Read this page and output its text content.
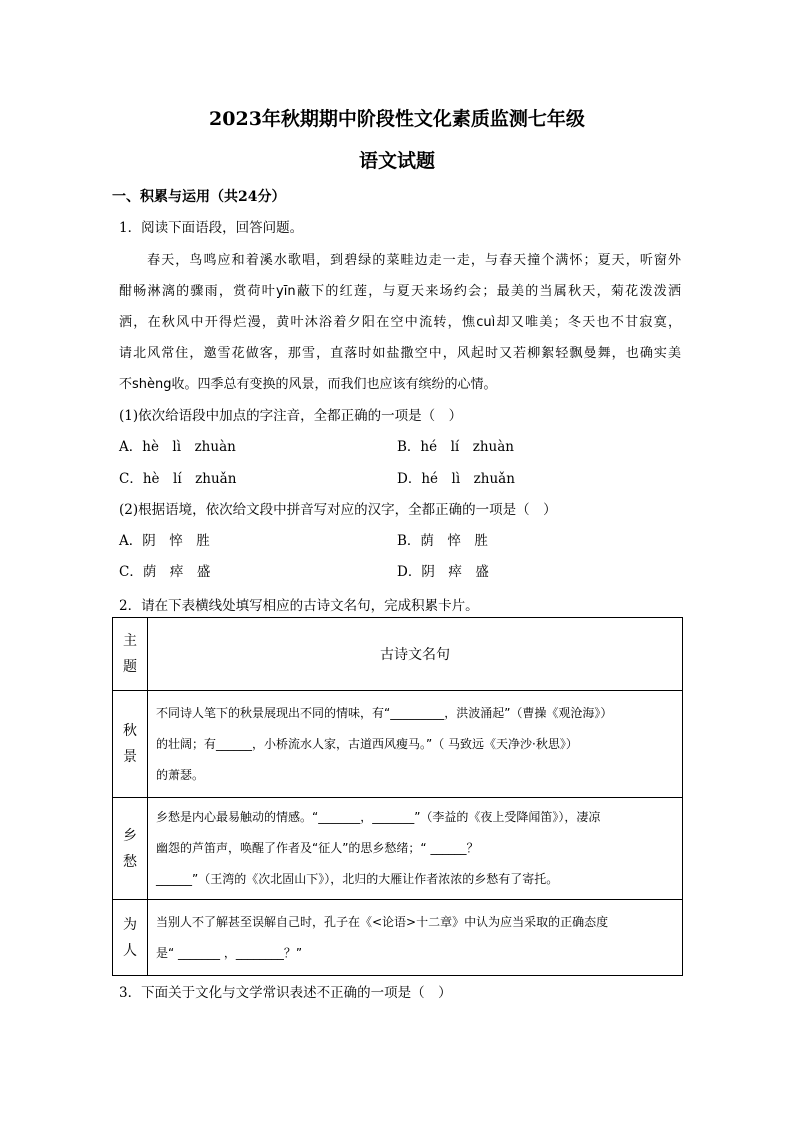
2023年秋期期中阶段性文化素质监测七年级
语文试题
一、积累与运用（共24分）
1．阅读下面语段，回答问题。
　　春天，鸟鸣应和着溪水歌唱，到碧绿的菜畦边走一走，与春天撞个满怀；夏天，听窗外
酣畅淋漓的骤雨，赏荷叶yīn蔽下的红莲，与夏天来场约会；最美的当属秋天，菊花泼泼洒
洒，在秋风中开得烂漫，黄叶沐浴着夕阳在空中流转，憔cuì却又唯美；冬天也不甘寂寞，
请北风常住，邀雪花做客，那雪，直落时如盐撒空中，风起时又若柳絮轻飘曼舞，也确实美
不shèng收。四季总有变换的风景，而我们也应该有缤纷的心情。
(1)依次给语段中加点的字注音，全都正确的一项是（　）
A．hè　lì　zhuàn	B．hé　lí　zhuàn
C．hè　lí　zhuǎn	D．hé　lì　zhuǎn
(2)根据语境，依次给文段中拼音写对应的汉字，全都正确的一项是（　）
A．阴　悴　胜	B．荫　悴　胜
C．荫　瘁　盛	D．阴　瘁　盛
2．请在下表横线处填写相应的古诗文名句，完成积累卡片。
主题	古诗文名句
秋景	不同诗人笔下的秋景展现出不同的情味，有“_________，洪波涌起”（曹操《观沧海》）
的壮阔；有______，小桥流水人家，古道西风瘦马。”（ 马致远《天净沙·秋思》）
的萧瑟。

乡愁	乡愁是内心最易触动的情感。“_______，_______”（李益的《夜上受降闻笛》），凄凉
幽怨的芦笛声，唤醒了作者及“征人”的思乡愁绪；“ ______？
______”（王湾的《次北固山下》），北归的大雁让作者浓浓的乡愁有了寄托。

为人	当别人不了解甚至误解自己时，孔子在《<论语>十二章》中认为应当采取的正确态度
是“ _______ ，________？”
3．下面关于文化与文学常识表述不正确的一项是（　）
